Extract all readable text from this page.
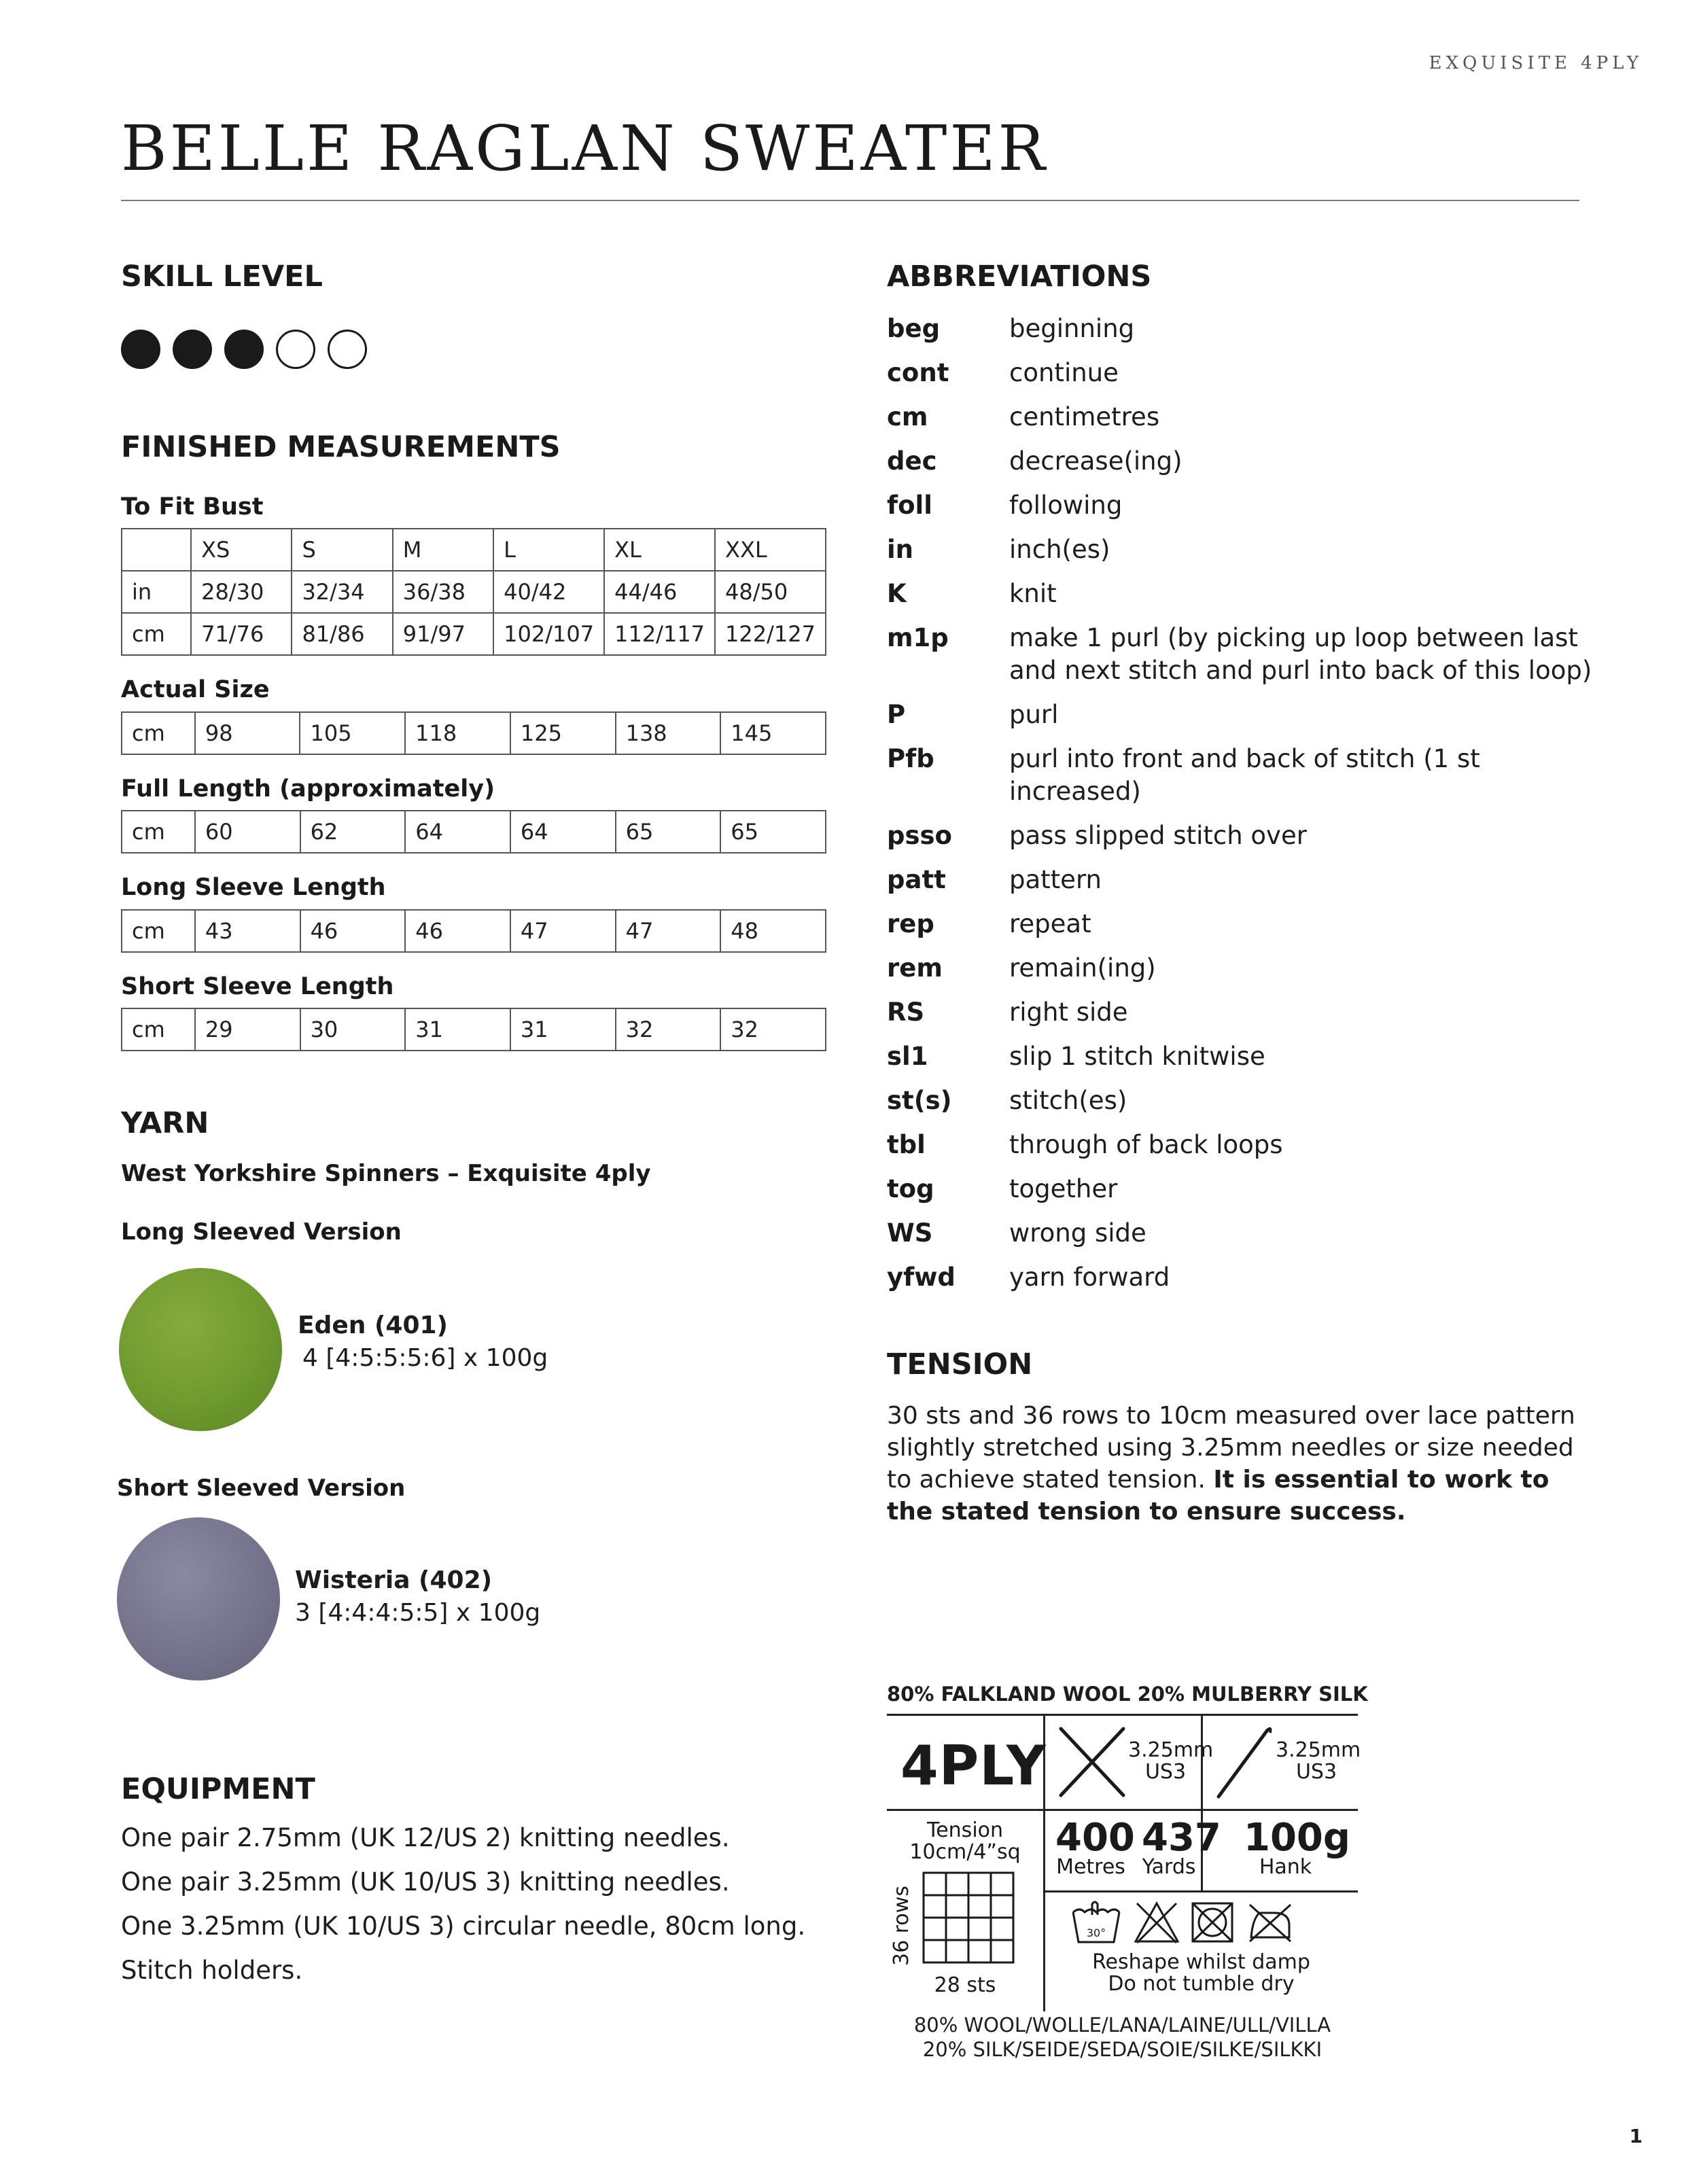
EXQUISITE 4PLY
BELLE RAGLAN SWEATER
SKILL LEVEL
FINISHED MEASUREMENTS
To Fit Bust
	XS	S	M	L	XL	XXL
in	28/30	32/34	36/38	40/42	44/46	48/50
cm	71/76	81/86	91/97	102/107	112/117	122/127
Actual Size
cm	98	105	118	125	138	145
Full Length (approximately)
cm	60	62	64	64	65	65
Long Sleeve Length
cm	43	46	46	47	47	48
Short Sleeve Length
cm	29	30	31	31	32	32
YARN
West Yorkshire Spinners – Exquisite 4ply
Long Sleeved Version
Eden (401)
4 [4:5:5:5:6] x 100g
Short Sleeved Version
Wisteria (402)
3 [4:4:4:5:5] x 100g
EQUIPMENT
One pair 2.75mm (UK 12/US 2) knitting needles.
One pair 3.25mm (UK 10/US 3) knitting needles.
One 3.25mm (UK 10/US 3) circular needle, 80cm long.
Stitch holders.
ABBREVIATIONS
beg	beginning
cont	continue
cm	centimetres
dec	decrease(ing)
foll	following
in	inch(es)
K	knit
m1p	make 1 purl (by picking up loop between last and next stitch and purl into back of this loop)
P	purl
Pfb	purl into front and back of stitch (1 st increased)
psso	pass slipped stitch over
patt	pattern
rep	repeat
rem	remain(ing)
RS	right side
sl1	slip 1 stitch knitwise
st(s)	stitch(es)
tbl	through of back loops
tog	together
WS	wrong side
yfwd	yarn forward
TENSION
30 sts and 36 rows to 10cm measured over lace pattern slightly stretched using 3.25mm needles or size needed to achieve stated tension. It is essential to work to the stated tension to ensure success.
80% FALKLAND WOOL 20% MULBERRY SILK
4PLY	3.25mm
US3
3.25mm
US3
Tension
10cm/4”sq
36 rows
28 sts
400
Metres
437
Yards
100g
Hank
30°
Reshape whilst damp
Do not tumble dry
80% WOOL/WOLLE/LANA/LAINE/ULL/VILLA
20% SILK/SEIDE/SEDA/SOIE/SILKE/SILKKI
1
